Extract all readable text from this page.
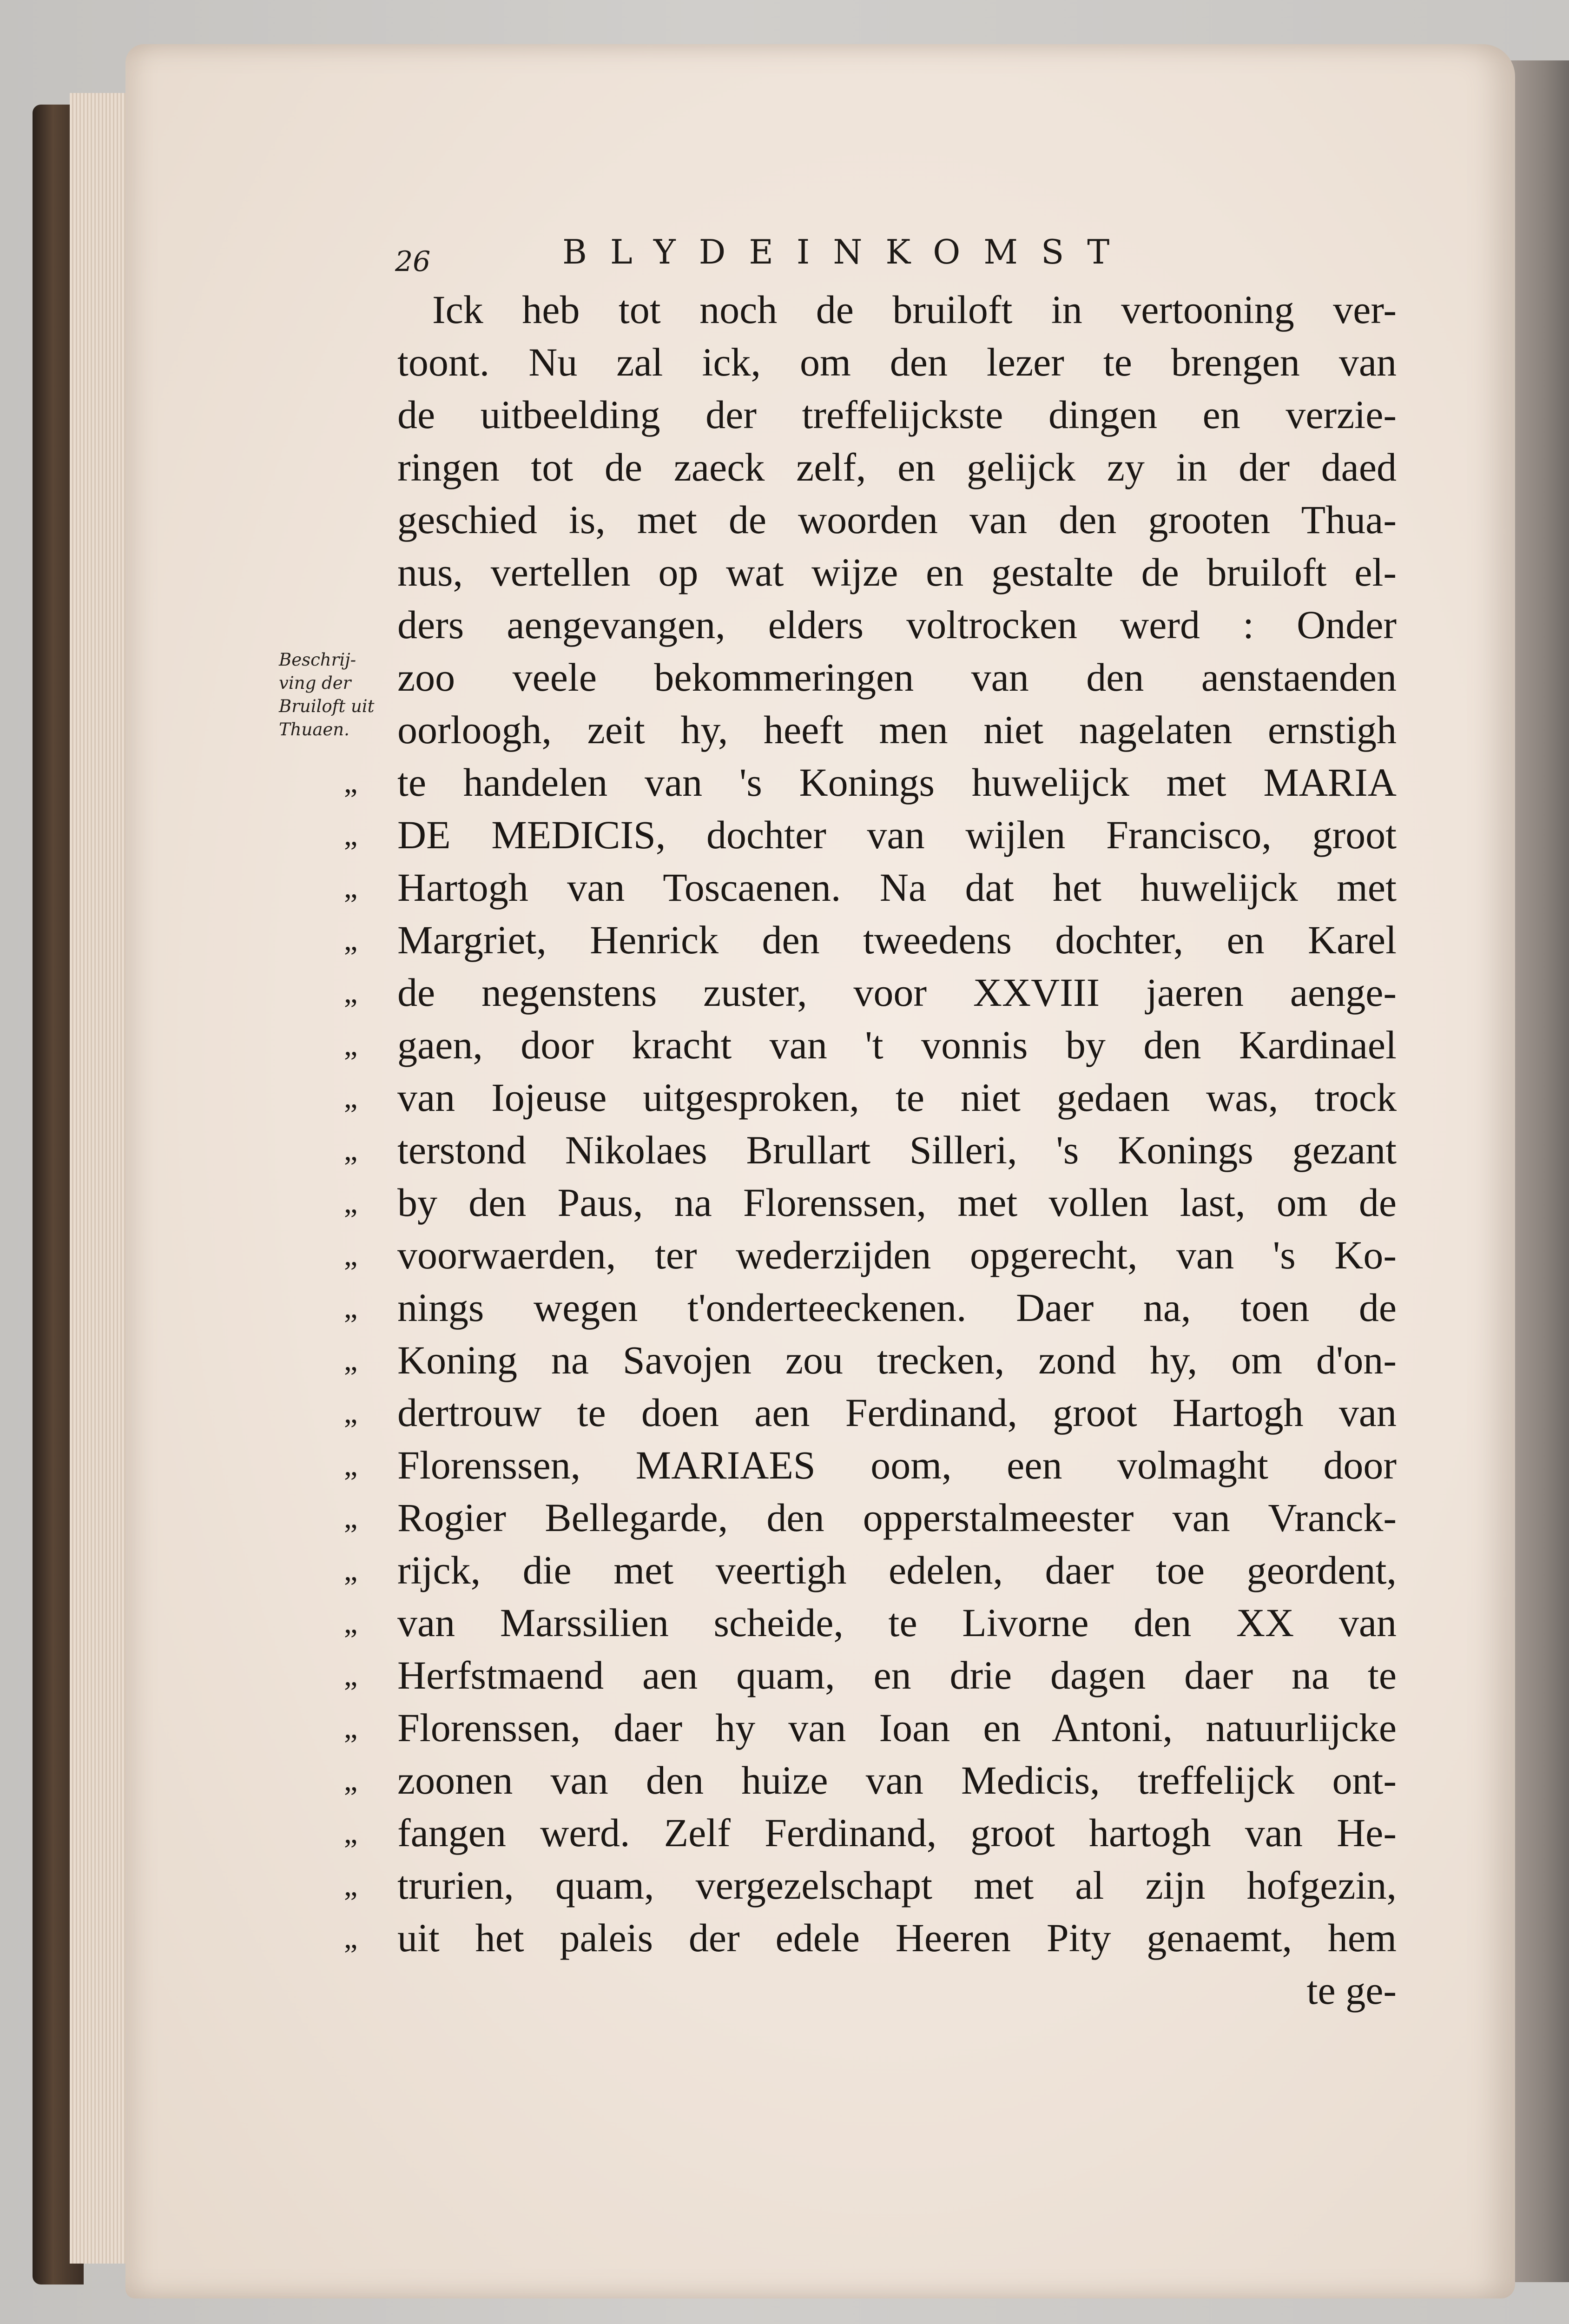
26	BLYDEINKOMST
Beschrij-
ving der
Bruiloft uit
Thuaen.
Ick heb tot noch de bruiloft in vertooning ver-
toont. Nu zal ick, om den lezer te brengen van
de uitbeelding der treffelijckste dingen en verzie-
ringen tot de zaeck zelf, en gelijck zy in der daed
geschied is, met de woorden van den grooten Thua-
nus, vertellen op wat wijze en gestalte de bruiloft el-
ders aengevangen, elders voltrocken werd : Onder
zoo veele bekommeringen van den aenstaenden
oorloogh, zeit hy, heeft men niet nagelaten ernstigh
„ te handelen van 's Konings huwelijck met MARIA
„ DE MEDICIS, dochter van wijlen Francisco, groot
„ Hartogh van Toscaenen. Na dat het huwelijck met
„ Margriet, Henrick den tweedens dochter, en Karel
„ de negenstens zuster, voor XXVIII jaeren aenge-
„ gaen, door kracht van 't vonnis by den Kardinael
„ van Iojeuse uitgesproken, te niet gedaen was, trock
„ terstond Nikolaes Brullart Silleri, 's Konings gezant
„ by den Paus, na Florenssen, met vollen last, om de
„ voorwaerden, ter wederzijden opgerecht, van 's Ko-
„ nings wegen t'onderteeckenen. Daer na, toen de
„ Koning na Savojen zou trecken, zond hy, om d'on-
„ dertrouw te doen aen Ferdinand, groot Hartogh van
„ Florenssen, MARIAES oom, een volmaght door
„ Rogier Bellegarde, den opperstalmeester van Vranck-
„ rijck, die met veertigh edelen, daer toe geordent,
„ van Marssilien scheide, te Livorne den XX van
„ Herfstmaend aen quam, en drie dagen daer na te
„ Florenssen, daer hy van Ioan en Antoni, natuurlijcke
„ zoonen van den huize van Medicis, treffelijck ont-
„ fangen werd. Zelf Ferdinand, groot hartogh van He-
„ trurien, quam, vergezelschapt met al zijn hofgezin,
„ uit het paleis der edele Heeren Pity genaemt, hem
te ge-
